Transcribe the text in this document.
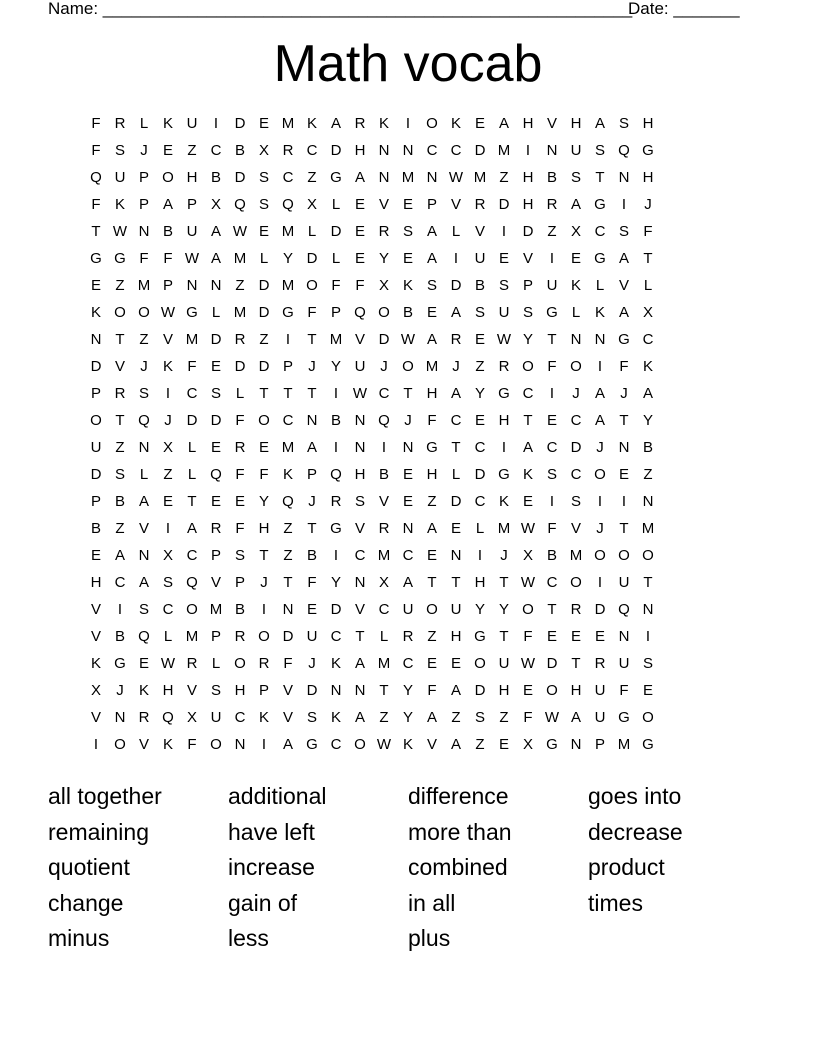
Name: ________________________________________________________
Date: _______
Math vocab
F R L K U	I	D E M K A R K	I	O K E A H V H A S H
F S	J	E Z C B X R C D H N N C C D M	I	N U S Q G
Q U P O H B D S C Z G A N M N W M Z H B S T N H
F K P A P X Q S Q X L E V E P V R D H R A G	I	J
T W N B U A W E M L D E R S A L V	I	D Z X C S F
G G F F W A M L Y D L E Y E A	I	U E V	I	E G A T
E Z M P N N Z D M O F F X K S D B S P U K L V L
K O O W G L M D G F P Q O B E A S U S G L K A X
N T Z V M D R Z	I	T M V D W A R E W Y T N N G C
D V	J	K F E D D P	J	Y U J O M J	Z R O F O	I	F K
P R S	I	C S L	T T T	I W C T H A Y G C	I	J	A	J	A
O T Q J D D F O C N B N Q J	F C E H T E C A T Y
U Z N X L E R E M A	I	N	I	N G T C	I	A C D J N B
D S L	Z	L Q F F K P Q H B E H L D G K S C O E Z
P B A E T E E Y Q J R S V E Z D C K E	I	S	I	I	N
B Z V	I	A R F H Z T G V R N A E L M W F V	J	T M
E A N X C P S T Z B	I	C M C E N	I	J	X B M O O O
H C A S Q V P	J	T F Y N X A T T H T W C O	I	U T
V	I	S C O M B	I	N E D V C U O U Y Y O T R D Q N
V B Q L M P R O D U C T	L R Z H G T F E E E N	I
K G E W R L O R F	J	K A M C E E O U W D T R U S
X	J	K H V S H P V D N N T Y F A D H E O H U F E
V N R Q X U C K V S K A Z Y A Z S Z F W A U G O
I	O V K F O N	I	A G C O W K V A Z E X G N P M G
all together	additional	difference	goes into
remaining	have left	more than	decrease
quotient	increase	combined	product
change	gain of	in all	times
minus	less	plus
